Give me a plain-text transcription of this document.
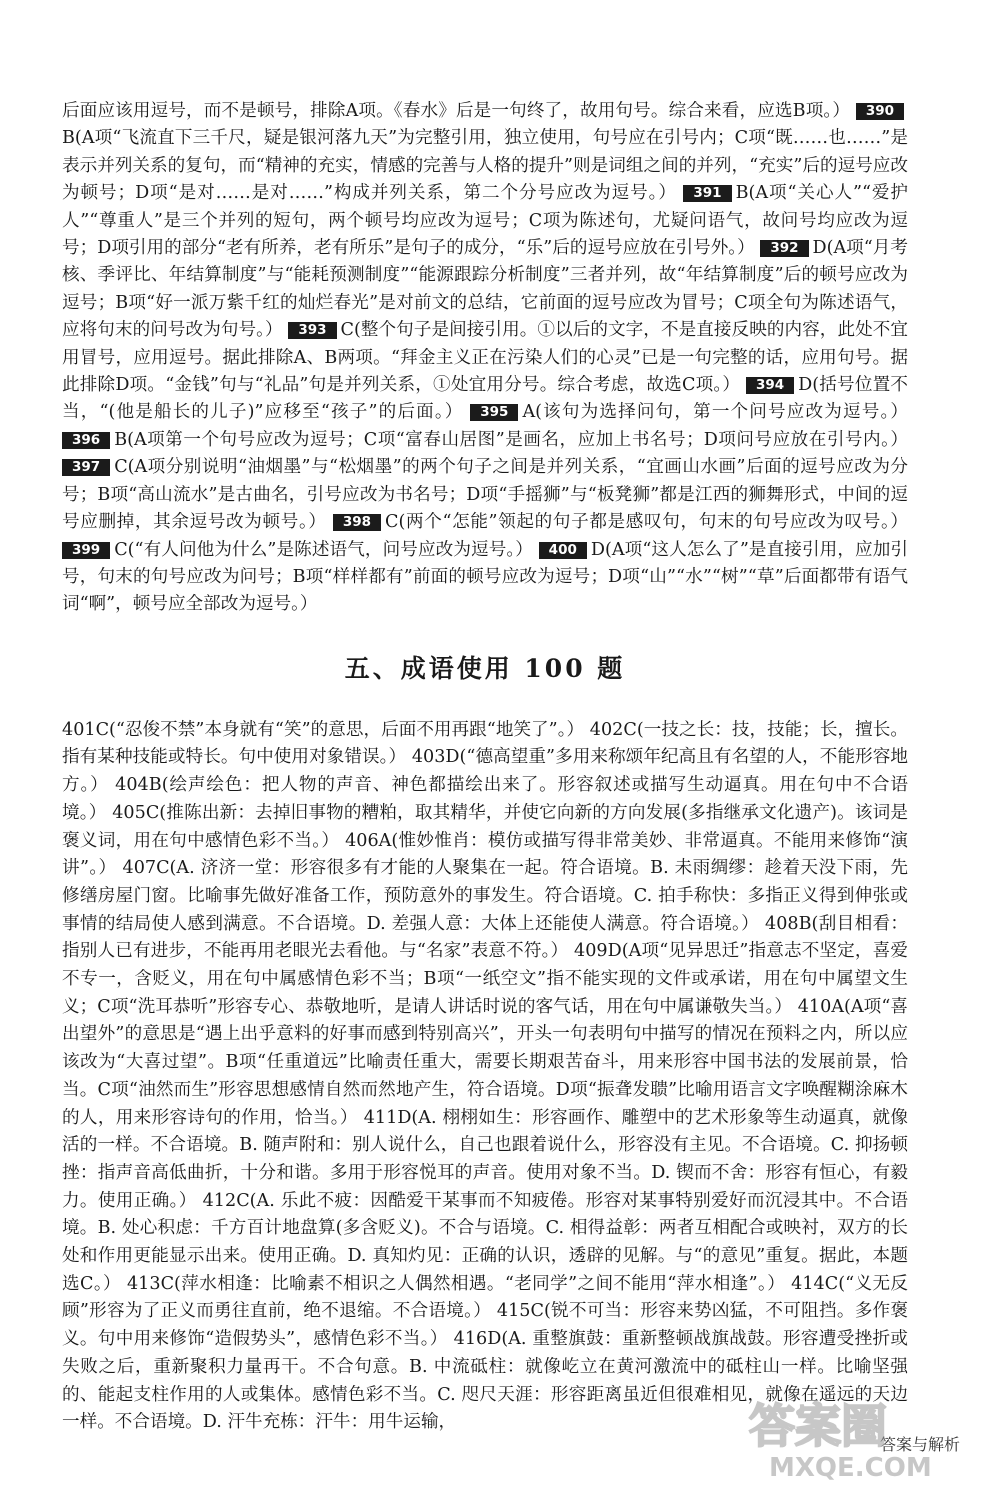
后面应该用逗号，而不是顿号，排除A项。《春水》后是一句终了，故用句号。综合来看，应选B项。） 390B(A项“飞流直下三千尺，疑是银河落九天”为完整引用，独立使用，句号应在引号内；C项“既……也……”是表示并列关系的复句，而“精神的充实，情感的完善与人格的提升”则是词组之间的并列，“充实”后的逗号应改为顿号；D项“是对……是对……”构成并列关系，第二个分号应改为逗号。） 391 B(A项“关心人”“爱护人”“尊重人”是三个并列的短句，两个顿号均应改为逗号；C项为陈述句，尤疑问语气，故问号均应改为逗号；D项引用的部分“老有所养，老有所乐”是句子的成分，“乐”后的逗号应放在引号外。） 392 D(A项“月考核、季评比、年结算制度”与“能耗预测制度”“能源跟踪分析制度”三者并列，故“年结算制度”后的顿号应改为逗号；B项“好一派万紫千红的灿烂春光”是对前文的总结，它前面的逗号应改为冒号；C项全句为陈述语气，应将句末的问号改为句号。） 393 C(整个句子是间接引用。①以后的文字，不是直接反映的内容，此处不宜用冒号，应用逗号。据此排除A、B两项。“拜金主义正在污染人们的心灵”已是一句完整的话，应用句号。据此排除D项。“金钱”句与“礼品”句是并列关系，①处宜用分号。综合考虑，故选C项。） 394 D(括号位置不当，“(他是船长的儿子)”应移至“孩子”的后面。） 395 A(该句为选择问句，第一个问号应改为逗号。） 396 B(A项第一个句号应改为逗号；C项“富春山居图”是画名，应加上书名号；D项问号应放在引号内。） 397 C(A项分别说明“油烟墨”与“松烟墨”的两个句子之间是并列关系，“宜画山水画”后面的逗号应改为分号；B项“高山流水”是古曲名，引号应改为书名号；D项“手摇狮”与“板凳狮”都是江西的狮舞形式，中间的逗号应删掉，其余逗号改为顿号。） 398 C(两个“怎能”领起的句子都是感叹句，句末的句号应改为叹号。） 399 C(“有人问他为什么”是陈述语气，问号应改为逗号。） 400 D(A项“这人怎么了”是直接引用，应加引号，句末的句号应改为问号；B项“样样都有”前面的顿号应改为逗号；D项“山”“水”“树”“草”后面都带有语气词“啊”，顿号应全部改为逗号。）

五、成语使用 100 题

401C(“忍俊不禁”本身就有“笑”的意思，后面不用再跟“地笑了”。） 402C(一技之长：技，技能；长，擅长。指有某种技能或特长。句中使用对象错误。） 403D(“德高望重”多用来称颂年纪高且有名望的人，不能形容地方。） 404B(绘声绘色：把人物的声音、神色都描绘出来了。形容叙述或描写生动逼真。用在句中不合语境。） 405C(推陈出新：去掉旧事物的糟粕，取其精华，并使它向新的方向发展(多指继承文化遗产)。该词是褒义词，用在句中感情色彩不当。） 406A(惟妙惟肖：模仿或描写得非常美妙、非常逼真。不能用来修饰“演讲”。） 407C(A. 济济一堂：形容很多有才能的人聚集在一起。符合语境。B. 未雨绸缪：趁着天没下雨，先修缮房屋门窗。比喻事先做好准备工作，预防意外的事发生。符合语境。C. 拍手称快：多指正义得到伸张或事情的结局使人感到满意。不合语境。D. 差强人意：大体上还能使人满意。符合语境。） 408B(刮目相看：指别人已有进步，不能再用老眼光去看他。与“名家”表意不符。） 409D(A项“见异思迁”指意志不坚定，喜爱不专一，含贬义，用在句中属感情色彩不当；B项“一纸空文”指不能实现的文件或承诺，用在句中属望文生义；C项“洗耳恭听”形容专心、恭敬地听，是请人讲话时说的客气话，用在句中属谦敬失当。） 410A(A项“喜出望外”的意思是“遇上出乎意料的好事而感到特别高兴”，开头一句表明句中描写的情况在预料之内，所以应该改为“大喜过望”。B项“任重道远”比喻责任重大，需要长期艰苦奋斗，用来形容中国书法的发展前景，恰当。C项“油然而生”形容思想感情自然而然地产生，符合语境。D项“振聋发聩”比喻用语言文字唤醒糊涂麻木的人，用来形容诗句的作用，恰当。） 411D(A. 栩栩如生：形容画作、雕塑中的艺术形象等生动逼真，就像活的一样。不合语境。B. 随声附和：别人说什么，自己也跟着说什么，形容没有主见。不合语境。C. 抑扬顿挫：指声音高低曲折，十分和谐。多用于形容悦耳的声音。使用对象不当。D. 锲而不舍：形容有恒心，有毅力。使用正确。） 412C(A. 乐此不疲：因酷爱干某事而不知疲倦。形容对某事特别爱好而沉浸其中。不合语境。B. 处心积虑：千方百计地盘算(多含贬义)。不合与语境。C. 相得益彰：两者互相配合或映衬，双方的长处和作用更能显示出来。使用正确。D. 真知灼见：正确的认识，透辟的见解。与“的意见”重复。据此，本题选C。） 413C(萍水相逢：比喻素不相识之人偶然相遇。“老同学”之间不能用“萍水相逢”。） 414C(“义无反顾”形容为了正义而勇往直前，绝不退缩。不合语境。） 415C(锐不可当：形容来势凶猛，不可阻挡。多作褒义。句中用来修饰“造假势头”，感情色彩不当。） 416D(A. 重整旗鼓：重新整顿战旗战鼓。形容遭受挫折或失败之后，重新聚积力量再干。不合句意。B. 中流砥柱：就像屹立在黄河激流中的砥柱山一样。比喻坚强的、能起支柱作用的人或集体。感情色彩不当。C. 咫尺天涯：形容距离虽近但很难相见，就像在遥远的天边一样。不合语境。D. 汗牛充栋：汗牛：用牛运输，

答案与解析
答案圈
MXQE.COM
